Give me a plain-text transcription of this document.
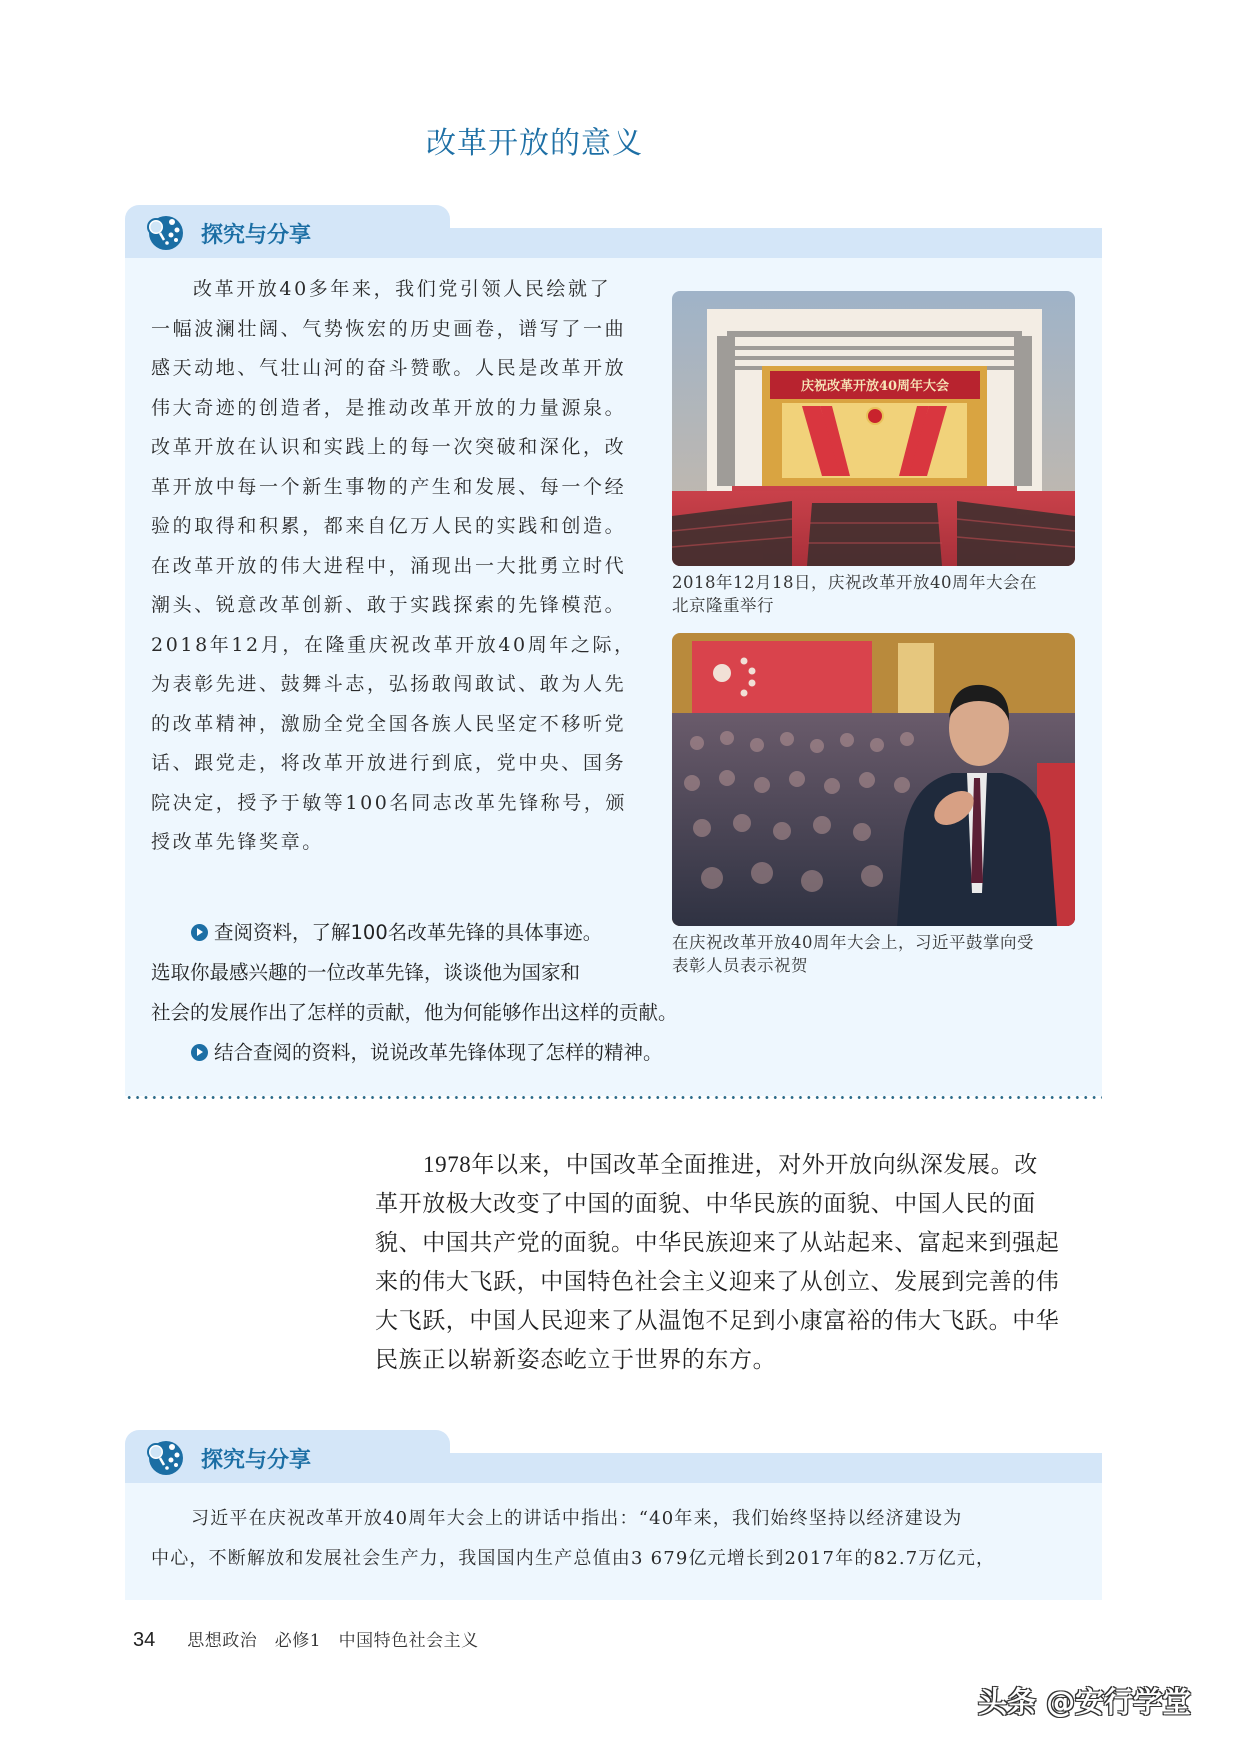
改革开放的意义
探究与分享
改革开放40多年来，我们党引领人民绘就了
一幅波澜壮阔、气势恢宏的历史画卷，谱写了一曲
感天动地、气壮山河的奋斗赞歌。人民是改革开放
伟大奇迹的创造者，是推动改革开放的力量源泉。
改革开放在认识和实践上的每一次突破和深化，改
革开放中每一个新生事物的产生和发展、每一个经
验的取得和积累，都来自亿万人民的实践和创造。
在改革开放的伟大进程中，涌现出一大批勇立时代
潮头、锐意改革创新、敢于实践探索的先锋模范。
2018年12月，在隆重庆祝改革开放40周年之际，
为表彰先进、鼓舞斗志，弘扬敢闯敢试、敢为人先
的改革精神，激励全党全国各族人民坚定不移听党
话、跟党走，将改革开放进行到底，党中央、国务
院决定，授予于敏等100名同志改革先锋称号，颁
授改革先锋奖章。
庆祝改革开放40周年大会
2018年12月18日，庆祝改革开放40周年大会在
北京隆重举行
在庆祝改革开放40周年大会上，习近平鼓掌向受
表彰人员表示祝贺
查阅资料，了解100名改革先锋的具体事迹。
选取你最感兴趣的一位改革先锋，谈谈他为国家和
社会的发展作出了怎样的贡献，他为何能够作出这样的贡献。
结合查阅的资料，说说改革先锋体现了怎样的精神。
1978年以来，中国改革全面推进，对外开放向纵深发展。改
革开放极大改变了中国的面貌、中华民族的面貌、中国人民的面
貌、中国共产党的面貌。中华民族迎来了从站起来、富起来到强起
来的伟大飞跃，中国特色社会主义迎来了从创立、发展到完善的伟
大飞跃，中国人民迎来了从温饱不足到小康富裕的伟大飞跃。中华
民族正以崭新姿态屹立于世界的东方。
探究与分享
习近平在庆祝改革开放40周年大会上的讲话中指出：“40年来，我们始终坚持以经济建设为
中心，不断解放和发展社会生产力，我国国内生产总值由3 679亿元增长到2017年的82.7万亿元，
34 思想政治　必修1　中国特色社会主义
头条 @安行学堂
